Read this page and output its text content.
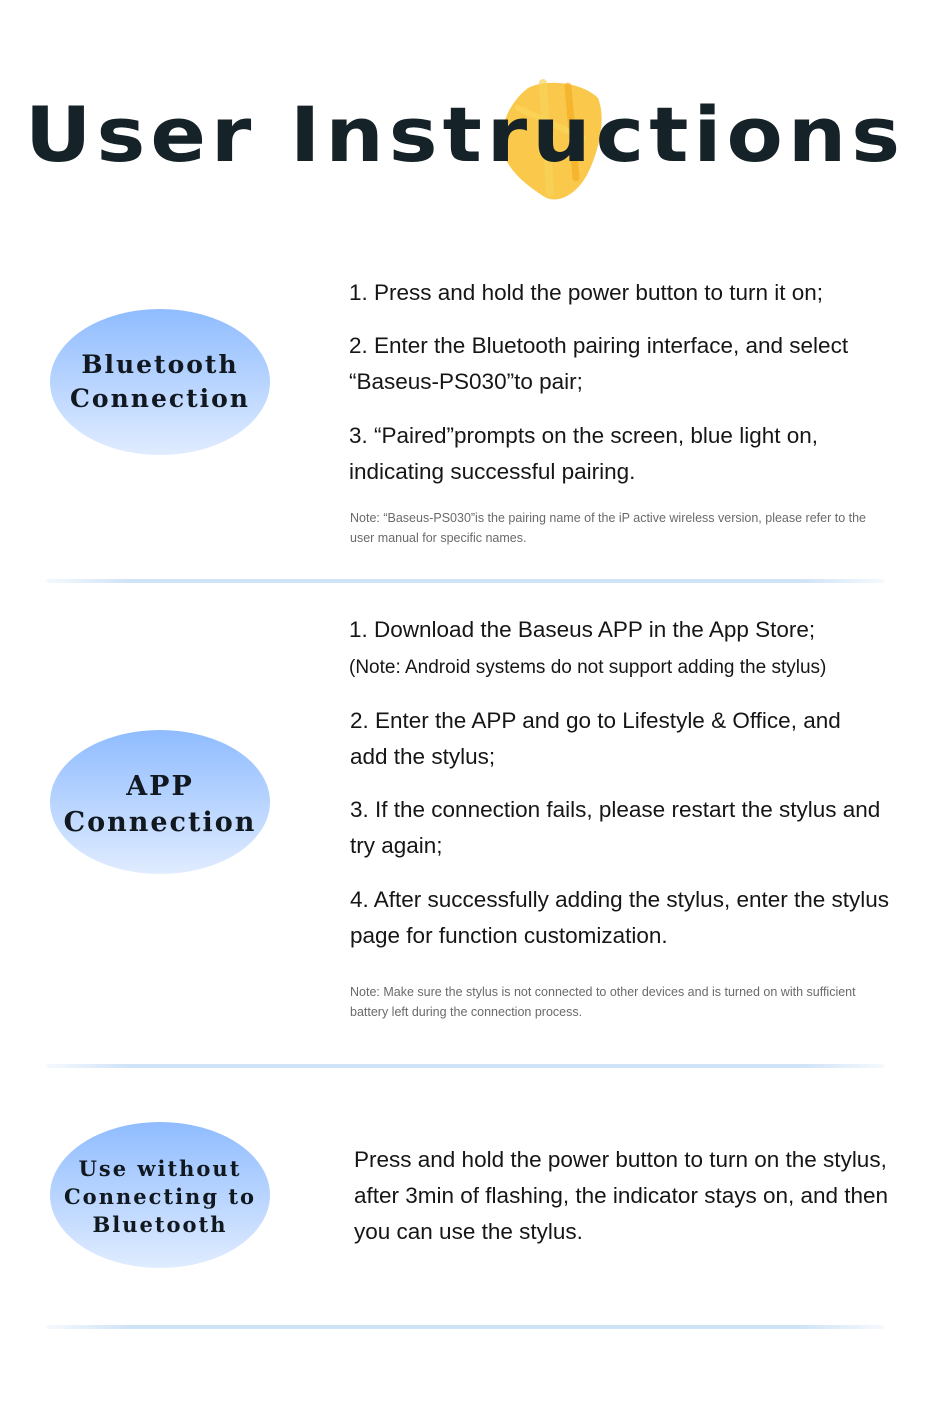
User Instructions
Bluetooth
Connection

1. Press and hold the power button to turn it on;

2. Enter the Bluetooth pairing interface, and select “Baseus-PS030”to pair;

3. “Paired”prompts on the screen, blue light on, indicating successful pairing.

Note: “Baseus-PS030”is the pairing name of the iP active wireless version, please refer to the user manual for specific names.

APP
Connection

1. Download the Baseus APP in the App Store;

(Note: Android systems do not support adding the stylus)

2. Enter the APP and go to Lifestyle & Office, and add the stylus;

3. If the connection fails, please restart the stylus and try again;

4. After successfully adding the stylus, enter the stylus page for function customization.

Note: Make sure the stylus is not connected to other devices and is turned on with sufficient battery left during the connection process.

Use without
Connecting to
Bluetooth

Press and hold the power button to turn on the stylus, after 3min of flashing, the indicator stays on, and then you can use the stylus.
